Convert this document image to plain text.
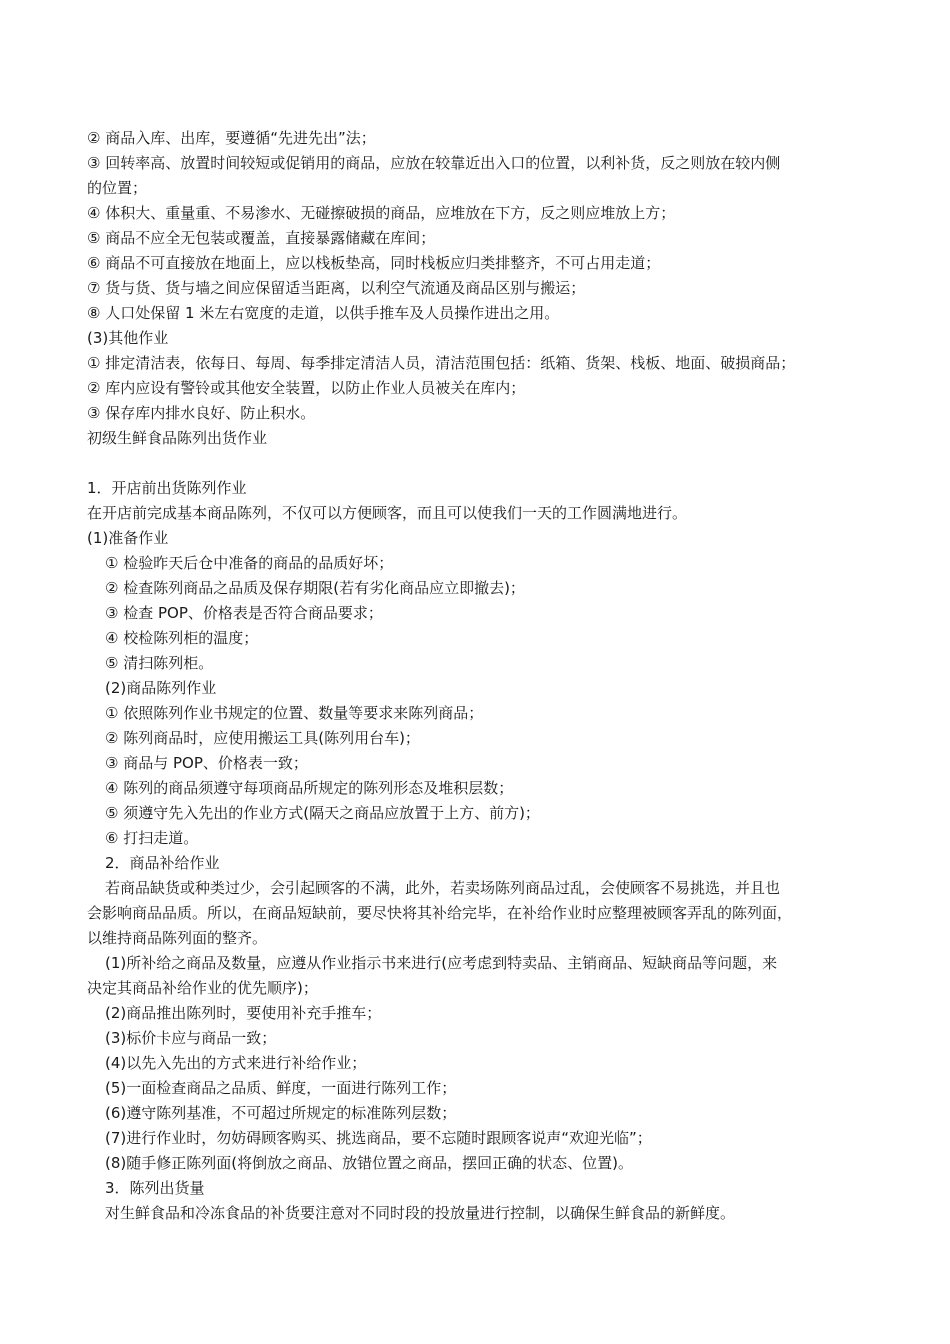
② 商品入库、出库，要遵循“先进先出”法；
③ 回转率高、放置时间较短或促销用的商品，应放在较靠近出入口的位置，以利补货，反之则放在较内侧
的位置；
④ 体积大、重量重、不易渗水、无碰擦破损的商品，应堆放在下方，反之则应堆放上方；
⑤ 商品不应全无包装或覆盖，直接暴露储藏在库间；
⑥ 商品不可直接放在地面上，应以栈板垫高，同时栈板应归类排整齐，不可占用走道；
⑦ 货与货、货与墙之间应保留适当距离，以利空气流通及商品区别与搬运；
⑧ 人口处保留 1 米左右宽度的走道，以供手推车及人员操作进出之用。
(3)其他作业
① 排定清洁表，依每日、每周、每季排定清洁人员，清洁范围包括：纸箱、货架、栈板、地面、破损商品；
② 库内应设有警铃或其他安全装置，以防止作业人员被关在库内；
③ 保存库内排水良好、防止积水。
初级生鲜食品陈列出货作业
1．开店前出货陈列作业
在开店前完成基本商品陈列，不仅可以方便顾客，而且可以使我们一天的工作圆满地进行。
(1)准备作业
① 检验昨天后仓中准备的商品的品质好坏；
② 检查陈列商品之品质及保存期限(若有劣化商品应立即撤去)；
③ 检查 POP、价格表是否符合商品要求；
④ 校检陈列柜的温度；
⑤ 清扫陈列柜。
(2)商品陈列作业
① 依照陈列作业书规定的位置、数量等要求来陈列商品；
② 陈列商品时，应使用搬运工具(陈列用台车)；
③ 商品与 POP、价格表一致；
④ 陈列的商品须遵守每项商品所规定的陈列形态及堆积层数；
⑤ 须遵守先入先出的作业方式(隔天之商品应放置于上方、前方)；
⑥ 打扫走道。
2．商品补给作业
若商品缺货或种类过少，会引起顾客的不满，此外，若卖场陈列商品过乱，会使顾客不易挑选，并且也
会影响商品品质。所以，在商品短缺前，要尽快将其补给完毕，在补给作业时应整理被顾客弄乱的陈列面，
以维持商品陈列面的整齐。
(1)所补给之商品及数量，应遵从作业指示书来进行(应考虑到特卖品、主销商品、短缺商品等问题，来
决定其商品补给作业的优先顺序)；
(2)商品推出陈列时，要使用补充手推车；
(3)标价卡应与商品一致；
(4)以先入先出的方式来进行补给作业；
(5)一面检查商品之品质、鲜度，一面进行陈列工作；
(6)遵守陈列基准，不可超过所规定的标准陈列层数；
(7)进行作业时，勿妨碍顾客购买、挑选商品，要不忘随时跟顾客说声“欢迎光临”；
(8)随手修正陈列面(将倒放之商品、放错位置之商品，摆回正确的状态、位置)。
3．陈列出货量
对生鲜食品和冷冻食品的补货要注意对不同时段的投放量进行控制，以确保生鲜食品的新鲜度。
